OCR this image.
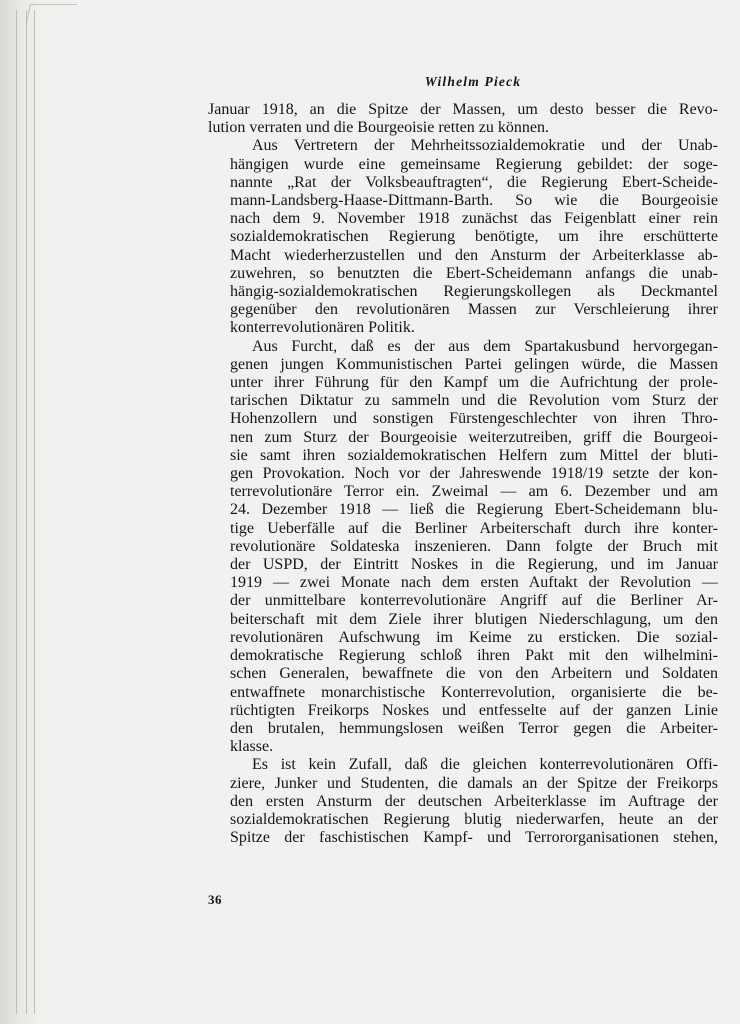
Wilhelm Pieck
Januar 1918, an die Spitze der Massen, um desto besser die Revo-
lution verraten und die Bourgeoisie retten zu können.
Aus Vertretern der Mehrheitssozialdemokratie und der Unab-
hängigen wurde eine gemeinsame Regierung gebildet: der soge-
nannte „Rat der Volksbeauftragten“, die Regierung Ebert-Scheide-
mann-Landsberg-Haase-Dittmann-Barth. So wie die Bourgeoisie
nach dem 9. November 1918 zunächst das Feigenblatt einer rein
sozialdemokratischen Regierung benötigte, um ihre erschütterte
Macht wiederherzustellen und den Ansturm der Arbeiterklasse ab-
zuwehren, so benutzten die Ebert-Scheidemann anfangs die unab-
hängig-sozialdemokratischen Regierungskollegen als Deckmantel
gegenüber den revolutionären Massen zur Verschleierung ihrer
konterrevolutionären Politik.
Aus Furcht, daß es der aus dem Spartakusbund hervorgegan-
genen jungen Kommunistischen Partei gelingen würde, die Massen
unter ihrer Führung für den Kampf um die Aufrichtung der prole-
tarischen Diktatur zu sammeln und die Revolution vom Sturz der
Hohenzollern und sonstigen Fürstengeschlechter von ihren Thro-
nen zum Sturz der Bourgeoisie weiterzutreiben, griff die Bourgeoi-
sie samt ihren sozialdemokratischen Helfern zum Mittel der bluti-
gen Provokation. Noch vor der Jahreswende 1918/19 setzte der kon-
terrevolutionäre Terror ein. Zweimal — am 6. Dezember und am
24. Dezember 1918 — ließ die Regierung Ebert-Scheidemann blu-
tige Ueberfälle auf die Berliner Arbeiterschaft durch ihre konter-
revolutionäre Soldateska inszenieren. Dann folgte der Bruch mit
der USPD, der Eintritt Noskes in die Regierung, und im Januar
1919 — zwei Monate nach dem ersten Auftakt der Revolution —
der unmittelbare konterrevolutionäre Angriff auf die Berliner Ar-
beiterschaft mit dem Ziele ihrer blutigen Niederschlagung, um den
revolutionären Aufschwung im Keime zu ersticken. Die sozial-
demokratische Regierung schloß ihren Pakt mit den wilhelmini-
schen Generalen, bewaffnete die von den Arbeitern und Soldaten
entwaffnete monarchistische Konterrevolution, organisierte die be-
rüchtigten Freikorps Noskes und entfesselte auf der ganzen Linie
den brutalen, hemmungslosen weißen Terror gegen die Arbeiter-
klasse.
Es ist kein Zufall, daß die gleichen konterrevolutionären Offi-
ziere, Junker und Studenten, die damals an der Spitze der Freikorps
den ersten Ansturm der deutschen Arbeiterklasse im Auftrage der
sozialdemokratischen Regierung blutig niederwarfen, heute an der
Spitze der faschistischen Kampf- und Terrororganisationen stehen,
36
